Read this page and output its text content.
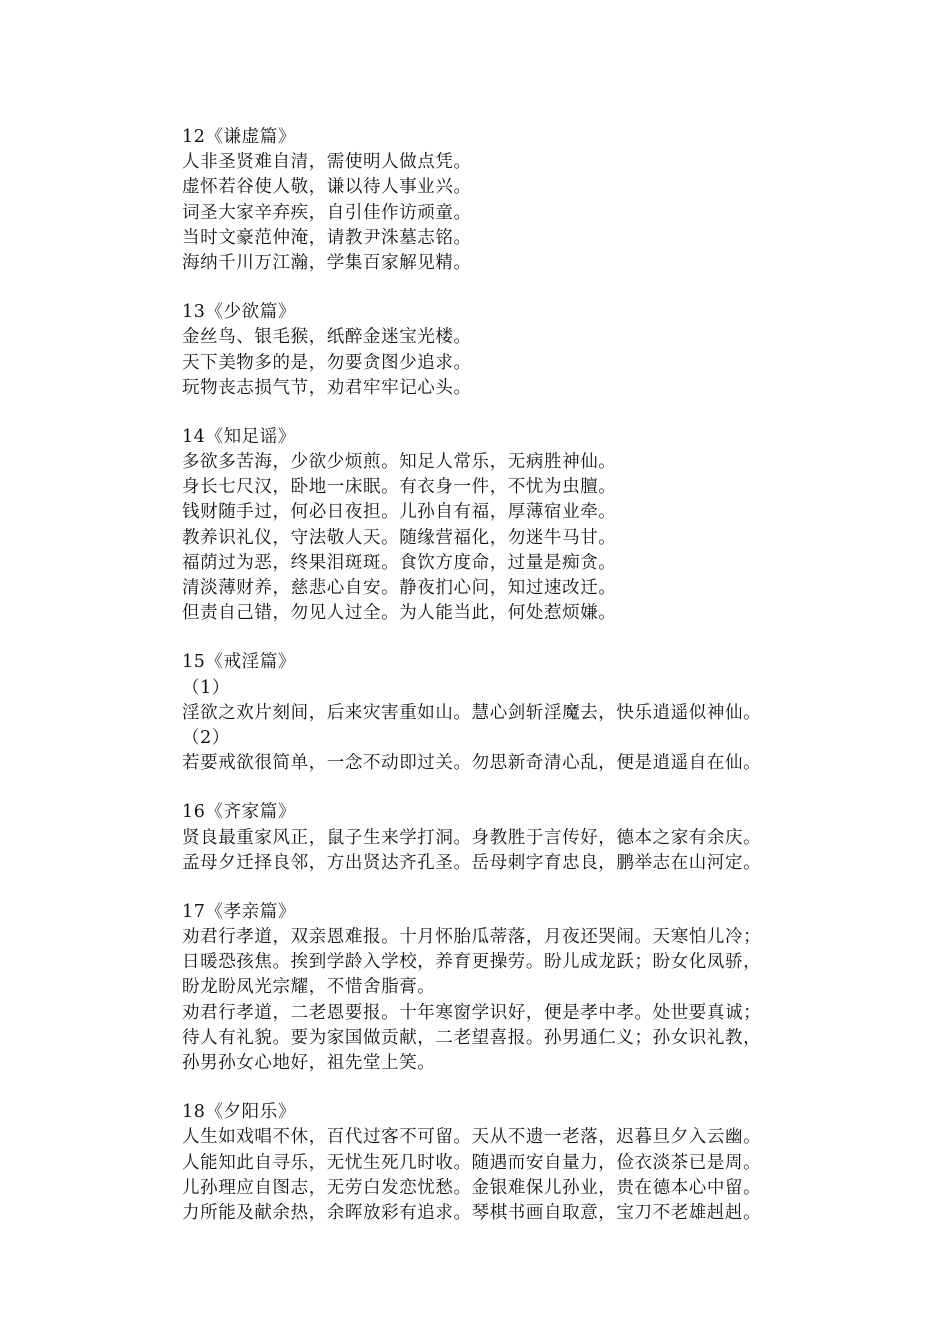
12《谦虚篇》
人非圣贤难自清，需使明人做点凭。
虚怀若谷使人敬，谦以待人事业兴。
词圣大家辛弃疾，自引佳作访顽童。
当时文豪范仲淹，请教尹洙墓志铭。
海纳千川万江瀚，学集百家解见精。
13《少欲篇》
金丝鸟、银毛猴，纸醉金迷宝光楼。
天下美物多的是，勿要贪图少追求。
玩物丧志损气节，劝君牢牢记心头。
14《知足谣》
多欲多苦海，少欲少烦煎。知足人常乐，无病胜神仙。
身长七尺汉，卧地一床眠。有衣身一件，不忧为虫膻。
钱财随手过，何必日夜担。儿孙自有福，厚薄宿业牵。
教养识礼仪，守法敬人天。随缘营福化，勿迷牛马甘。
福荫过为恶，终果泪斑斑。食饮方度命，过量是痴贪。
清淡薄财养，慈悲心自安。静夜扪心问，知过速改迁。
但责自己错，勿见人过全。为人能当此，何处惹烦嫌。
15《戒淫篇》
（1）
淫欲之欢片刻间，后来灾害重如山。慧心剑斩淫魔去，快乐逍遥似神仙。
（2）
若要戒欲很简单，一念不动即过关。勿思新奇清心乱，便是逍遥自在仙。
16《齐家篇》
贤良最重家风正，鼠子生来学打洞。身教胜于言传好，德本之家有余庆。
孟母夕迁择良邻，方出贤达齐孔圣。岳母刺字育忠良，鹏举志在山河定。
17《孝亲篇》
劝君行孝道，双亲恩难报。十月怀胎瓜蒂落，月夜还哭闹。天寒怕儿冷；
日暖恐孩焦。挨到学龄入学校，养育更操劳。盼儿成龙跃；盼女化凤骄，
盼龙盼凤光宗耀，不惜舍脂膏。
劝君行孝道，二老恩要报。十年寒窗学识好，便是孝中孝。处世要真诚；
待人有礼貌。要为家国做贡献，二老望喜报。孙男通仁义；孙女识礼教，
孙男孙女心地好，祖先堂上笑。
18《夕阳乐》
人生如戏唱不休，百代过客不可留。天从不遗一老落，迟暮旦夕入云幽。
人能知此自寻乐，无忧生死几时收。随遇而安自量力，俭衣淡茶已是周。
儿孙理应自图志，无劳白发恋忧愁。金银难保儿孙业，贵在德本心中留。
力所能及献余热，余晖放彩有追求。琴棋书画自取意，宝刀不老雄赳赳。
